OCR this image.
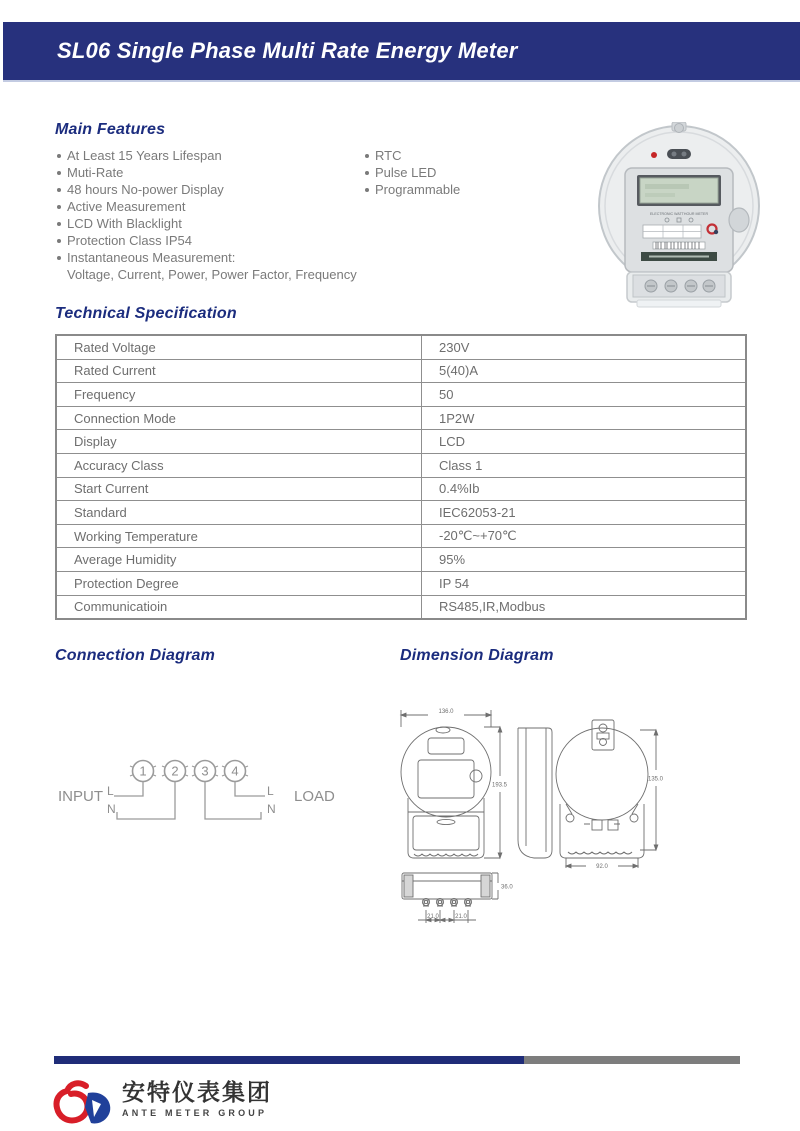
SL06 Single Phase Multi Rate Energy Meter
Main Features
At Least 15 Years Lifespan
Muti-Rate
48 hours No-power Display
Active Measurement
LCD With Blacklight
Protection Class IP54
Instantaneous Measurement:
Voltage, Current, Power, Power Factor, Frequency
RTC
Pulse LED
Programmable
ELECTRONIC WATTHOUR METER
Technical Specification
Rated Voltage	230V
Rated Current	5(40)A
Frequency	50
Connection Mode	1P2W
Display	LCD
Accuracy Class	Class 1
Start Current	0.4%Ib
Standard	IEC62053-21
Working Temperature	-20℃~+70℃
Average Humidity	95%
Protection Degree	IP 54
Communicatioin	RS485,IR,Modbus
Connection Diagram	Dimension Diagram
1 2 3 4
INPUT	LOAD
L
N
L
N
136.0
193.5
135.0
92.0
36.0
21.0	21.0
安特仪表集团
ANTE METER GROUP
